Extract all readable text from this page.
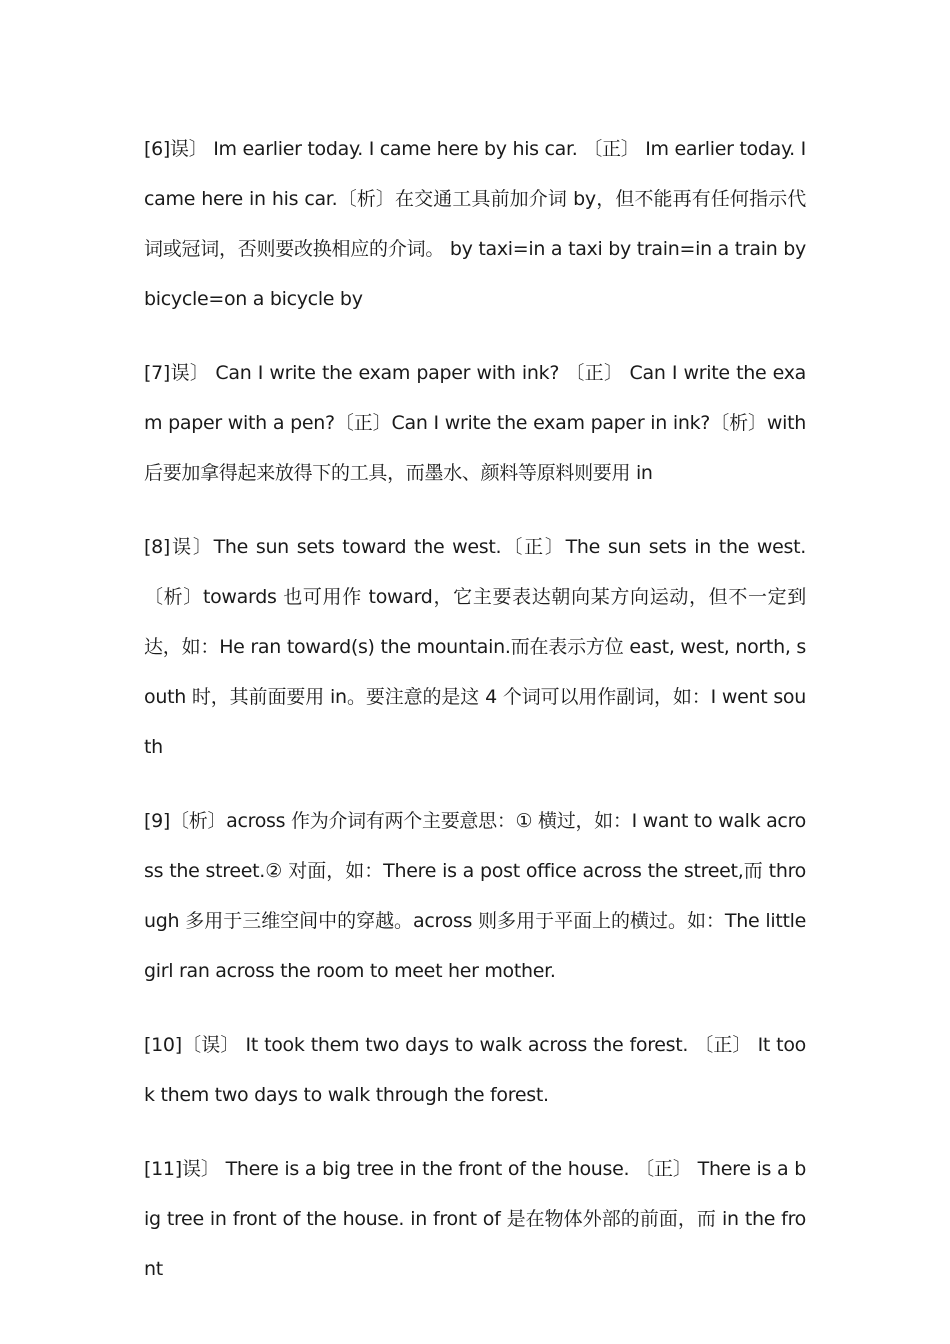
[6]误〕 Im earlier today. I came here by his car. 〔正〕 Im earlier today. I came here in his car.〔析〕在交通工具前加介词 by，但不能再有任何指示代词或冠词，否则要改换相应的介词。 by taxi=in a taxi by train=in a train by bicycle=on a bicycle by

[7]误〕 Can I write the exam paper with ink? 〔正〕 Can I write the exam paper with a pen?〔正〕Can I write the exam paper in ink?〔析〕with 后要加拿得起来放得下的工具，而墨水、颜料等原料则要用 in

[8]误〕The sun sets toward the west.〔正〕The sun sets in the west.〔析〕towards 也可用作 toward，它主要表达朝向某方向运动，但不一定到达，如：He ran toward(s) the mountain.而在表示方位 east, west, north, south 时，其前面要用 in。要注意的是这 4 个词可以用作副词，如：I went south

[9]〔析〕across 作为介词有两个主要意思：① 横过，如：I want to walk across the street.② 对面，如：There is a post office across the street,而 through 多用于三维空间中的穿越。across 则多用于平面上的横过。如：The little girl ran across the room to meet her mother.

[10]〔误〕 It took them two days to walk across the forest. 〔正〕 It took them two days to walk through the forest.

[11]误〕 There is a big tree in the front of the house. 〔正〕 There is a big tree in front of the house. in front of 是在物体外部的前面，而 in the front
